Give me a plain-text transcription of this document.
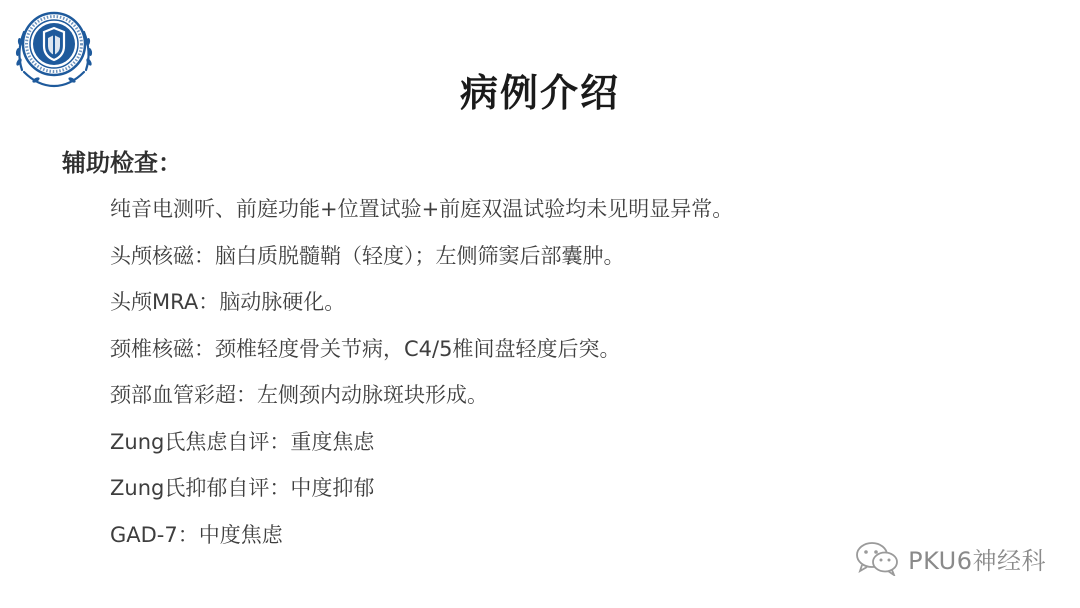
病例介绍
辅助检查：
纯音电测听、前庭功能+位置试验+前庭双温试验均未见明显异常。
头颅核磁：脑白质脱髓鞘（轻度）；左侧筛窦后部囊肿。
头颅MRA：脑动脉硬化。
颈椎核磁：颈椎轻度骨关节病，C4/5椎间盘轻度后突。
颈部血管彩超：左侧颈内动脉斑块形成。
Zung氏焦虑自评：重度焦虑
Zung氏抑郁自评：中度抑郁
GAD-7：中度焦虑
PKU6神经科
